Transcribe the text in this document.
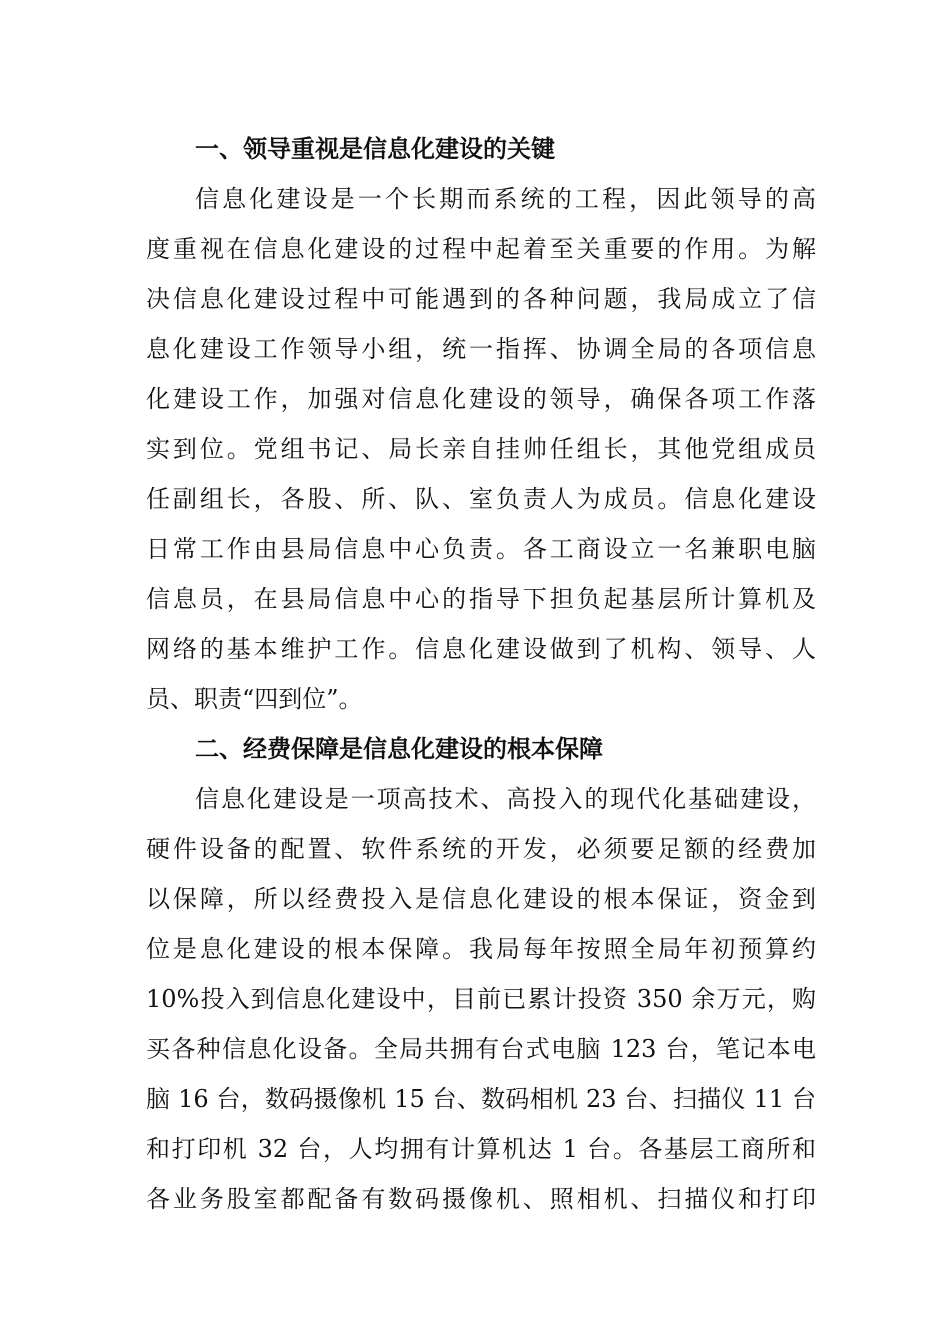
一、领导重视是信息化建设的关键
信息化建设是一个长期而系统的工程，因此领导的高
度重视在信息化建设的过程中起着至关重要的作用。为解
决信息化建设过程中可能遇到的各种问题，我局成立了信
息化建设工作领导小组，统一指挥、协调全局的各项信息
化建设工作，加强对信息化建设的领导，确保各项工作落
实到位。党组书记、局长亲自挂帅任组长，其他党组成员
任副组长，各股、所、队、室负责人为成员。信息化建设
日常工作由县局信息中心负责。各工商设立一名兼职电脑
信息员，在县局信息中心的指导下担负起基层所计算机及
网络的基本维护工作。信息化建设做到了机构、领导、人
员、职责“四到位”。
二、经费保障是信息化建设的根本保障
信息化建设是一项高技术、高投入的现代化基础建设，
硬件设备的配置、软件系统的开发，必须要足额的经费加
以保障，所以经费投入是信息化建设的根本保证，资金到
位是息化建设的根本保障。我局每年按照全局年初预算约
10%投入到信息化建设中，目前已累计投资 350 余万元，购
买各种信息化设备。全局共拥有台式电脑 123 台，笔记本电
脑 16 台，数码摄像机 15 台、数码相机 23 台、扫描仪 11 台
和打印机 32 台，人均拥有计算机达 1 台。各基层工商所和
各业务股室都配备有数码摄像机、照相机、扫描仪和打印
